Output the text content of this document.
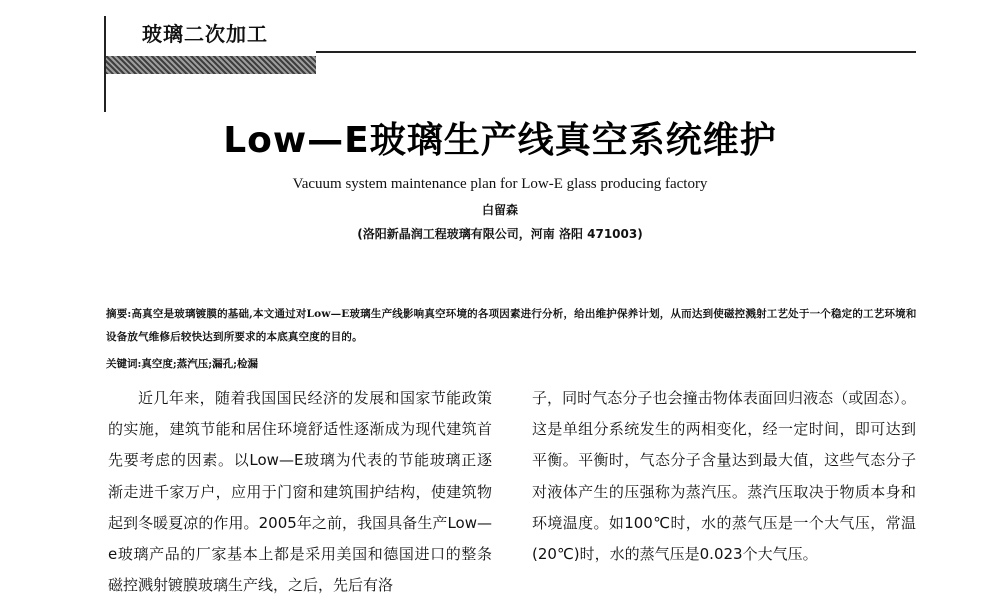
玻璃二次加工
Low—E玻璃生产线真空系统维护
Vacuum system maintenance plan for Low-E glass producing factory
白留森
(洛阳新晶润工程玻璃有限公司，河南 洛阳 471003)

摘要:高真空是玻璃镀膜的基础,本文通过对Low—E玻璃生产线影响真空环境的各项因素进行分析，给出维护保养计划，从而达到使磁控溅射工艺处于一个稳定的工艺环境和设备放气维修后较快达到所要求的本底真空度的目的。

关键词:真空度;蒸汽压;漏孔;检漏

近几年来，随着我国国民经济的发展和国家节能政策的实施，建筑节能和居住环境舒适性逐渐成为现代建筑首先要考虑的因素。以Low—E玻璃为代表的节能玻璃正逐渐走进千家万户，应用于门窗和建筑围护结构，使建筑物起到冬暖夏凉的作用。2005年之前，我国具备生产Low—e玻璃产品的厂家基本上都是采用美国和德国进口的整条磁控溅射镀膜玻璃生产线，之后，先后有洛

子，同时气态分子也会撞击物体表面回归液态（或固态）。这是单组分系统发生的两相变化，经一定时间，即可达到平衡。平衡时，气态分子含量达到最大值，这些气态分子对液体产生的压强称为蒸汽压。蒸汽压取决于物质本身和环境温度。如100℃时，水的蒸气压是一个大气压，常温(20℃)时，水的蒸气压是0.023个大气压。
